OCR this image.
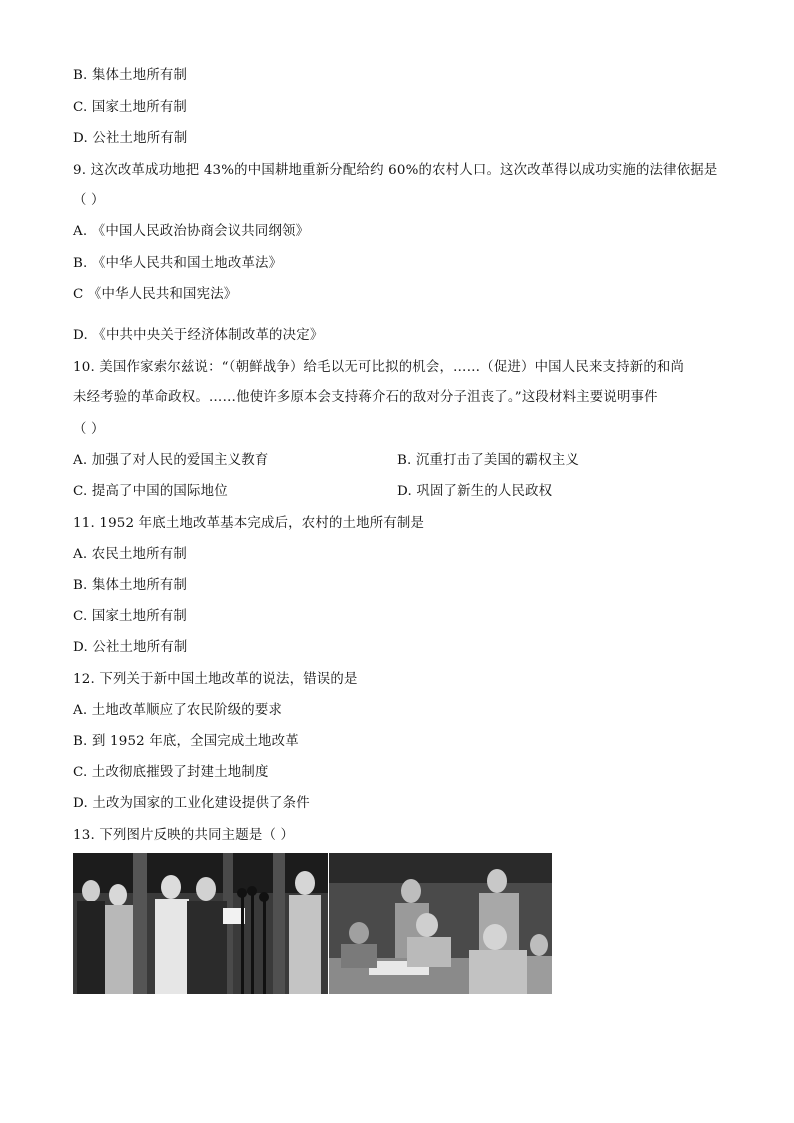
B. 集体土地所有制
C. 国家土地所有制
D. 公社土地所有制
9. 这次改革成功地把 43%的中国耕地重新分配给约 60%的农村人口。这次改革得以成功实施的法律依据是
（ ）
A. 《中国人民政治协商会议共同纲领》
B. 《中华人民共和国土地改革法》
C 《中华人民共和国宪法》
D. 《中共中央关于经济体制改革的决定》
10. 美国作家索尔兹说：“（朝鲜战争）给毛以无可比拟的机会，……（促进）中国人民来支持新的和尚
未经考验的革命政权。……他使许多原本会支持蒋介石的敌对分子沮丧了。”这段材料主要说明事件
（ ）
A. 加强了对人民的爱国主义教育	B. 沉重打击了美国的霸权主义
C. 提高了中国的国际地位	D. 巩固了新生的人民政权
11. 1952 年底土地改革基本完成后，农村的土地所有制是
A. 农民土地所有制
B. 集体土地所有制
C. 国家土地所有制
D. 公社土地所有制
12. 下列关于新中国土地改革的说法，错误的是
A. 土地改革顺应了农民阶级的要求
B. 到 1952 年底，全国完成土地改革
C. 土改彻底摧毁了封建土地制度
D. 土改为国家的工业化建设提供了条件
13. 下列图片反映的共同主题是（ ）
